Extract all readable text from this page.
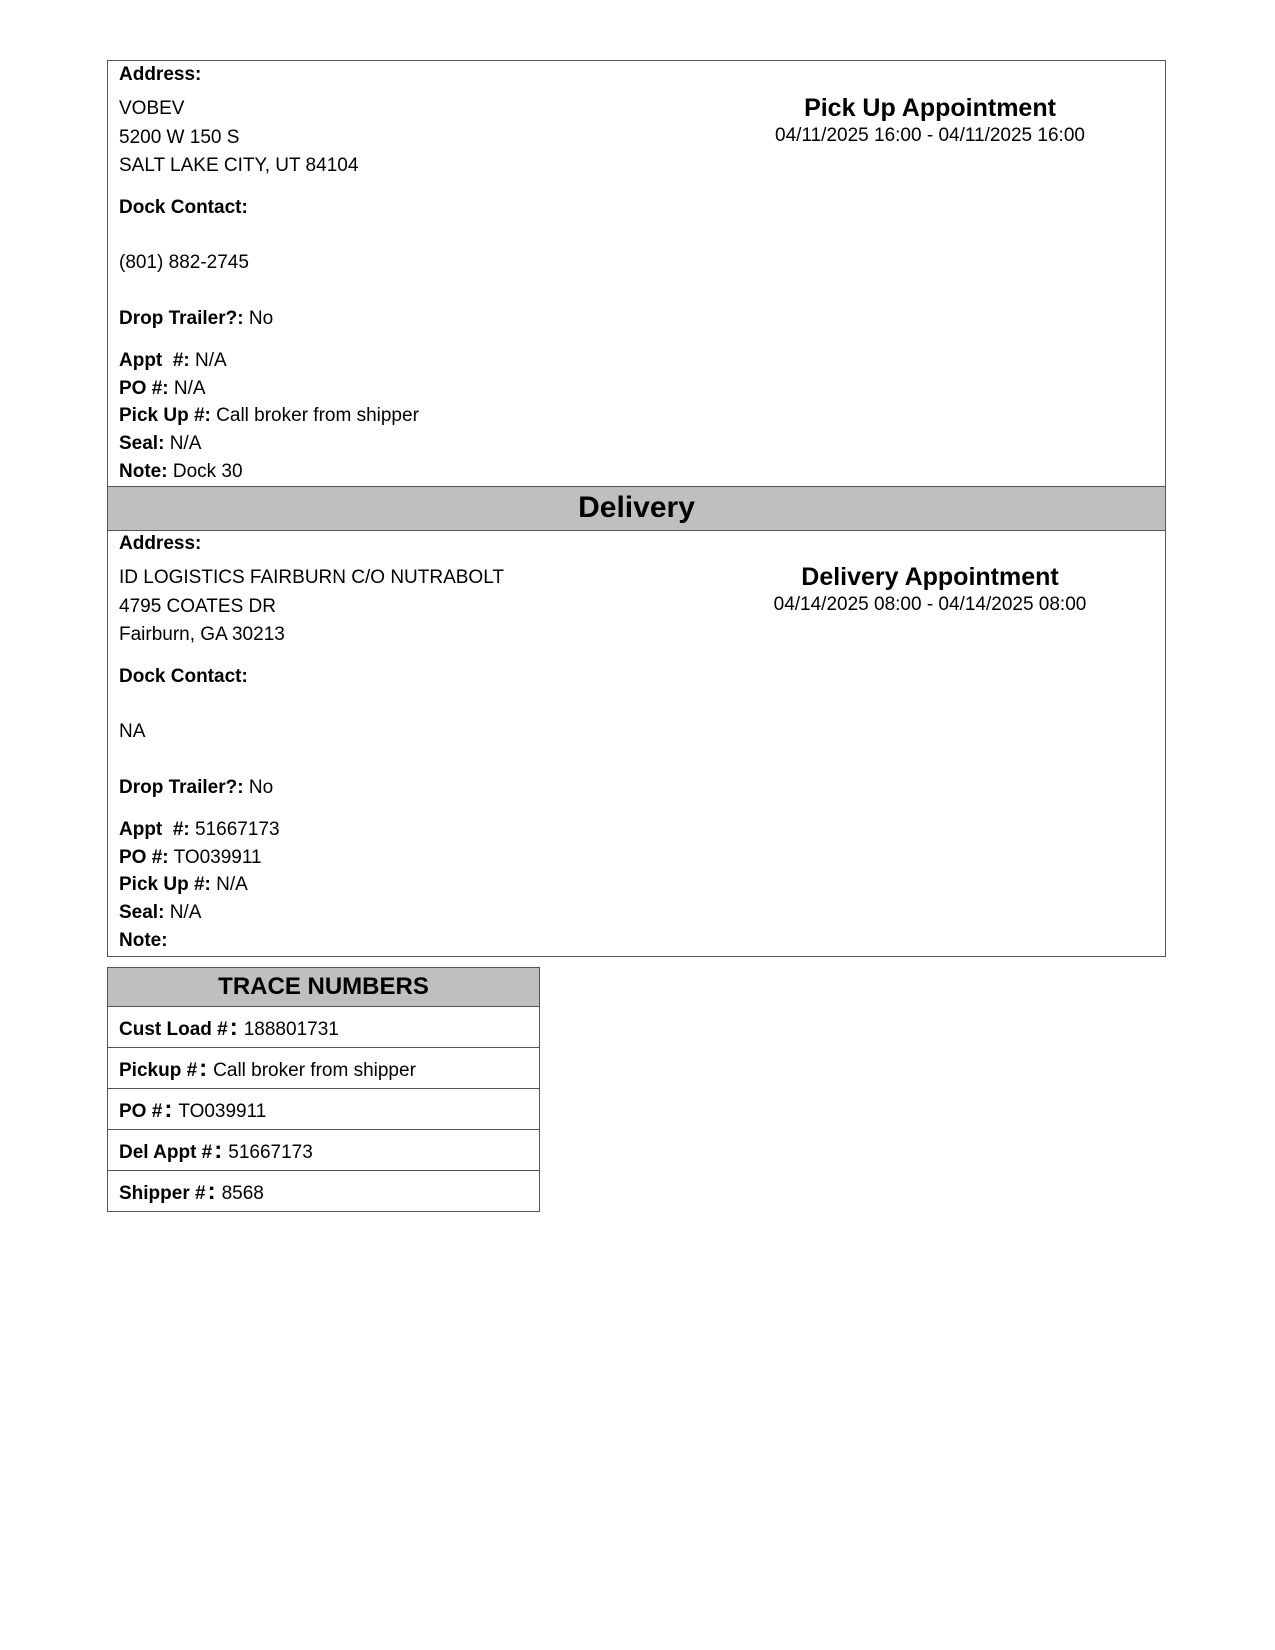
Address:
VOBEV
5200 W 150 S
SALT LAKE CITY, UT 84104
Pick Up Appointment
04/11/2025 16:00 - 04/11/2025 16:00
Dock Contact:
(801) 882-2745
Drop Trailer?: No
Appt  #: N/A
PO #: N/A
Pick Up #: Call broker from shipper
Seal: N/A
Note: Dock 30
Delivery
Address:
ID LOGISTICS FAIRBURN C/O NUTRABOLT
4795 COATES DR
Fairburn, GA 30213
Delivery Appointment
04/14/2025 08:00 - 04/14/2025 08:00
Dock Contact:
NA
Drop Trailer?: No
Appt  #: 51667173
PO #: TO039911
Pick Up #: N/A
Seal: N/A
Note:
TRACE NUMBERS
Cust Load #: 188801731
Pickup #: Call broker from shipper
PO #: TO039911
Del Appt #: 51667173
Shipper #: 8568
